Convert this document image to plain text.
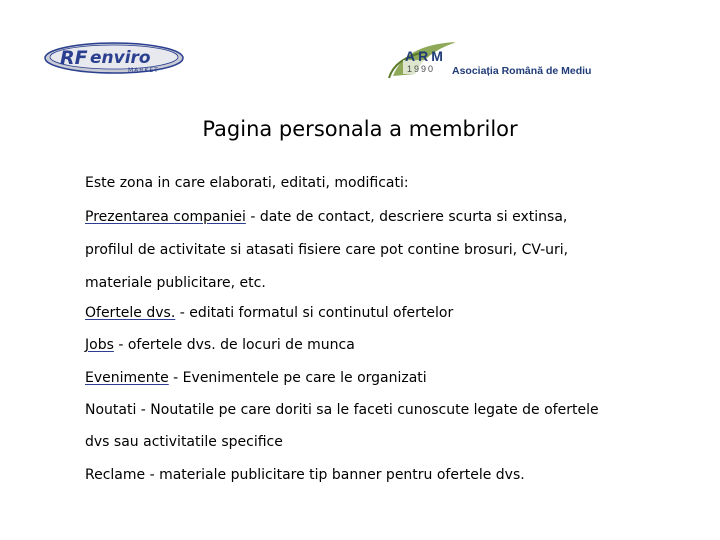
RF enviro
MARKET
ARM
1990 Asociația Română de Mediu
Pagina personala a membrilor
Este zona in care elaborati, editati, modificati:
Prezentarea companiei - date de contact, descriere scurta si extinsa,
profilul de activitate si atasati fisiere care pot contine brosuri, CV-uri,
materiale publicitare, etc.
Ofertele dvs. - editati formatul si continutul ofertelor
Jobs - ofertele dvs. de locuri de munca
Evenimente - Evenimentele pe care le organizati
Noutati - Noutatile pe care doriti sa le faceti cunoscute legate de ofertele
dvs sau activitatile specifice
Reclame - materiale publicitare tip banner pentru ofertele dvs.
